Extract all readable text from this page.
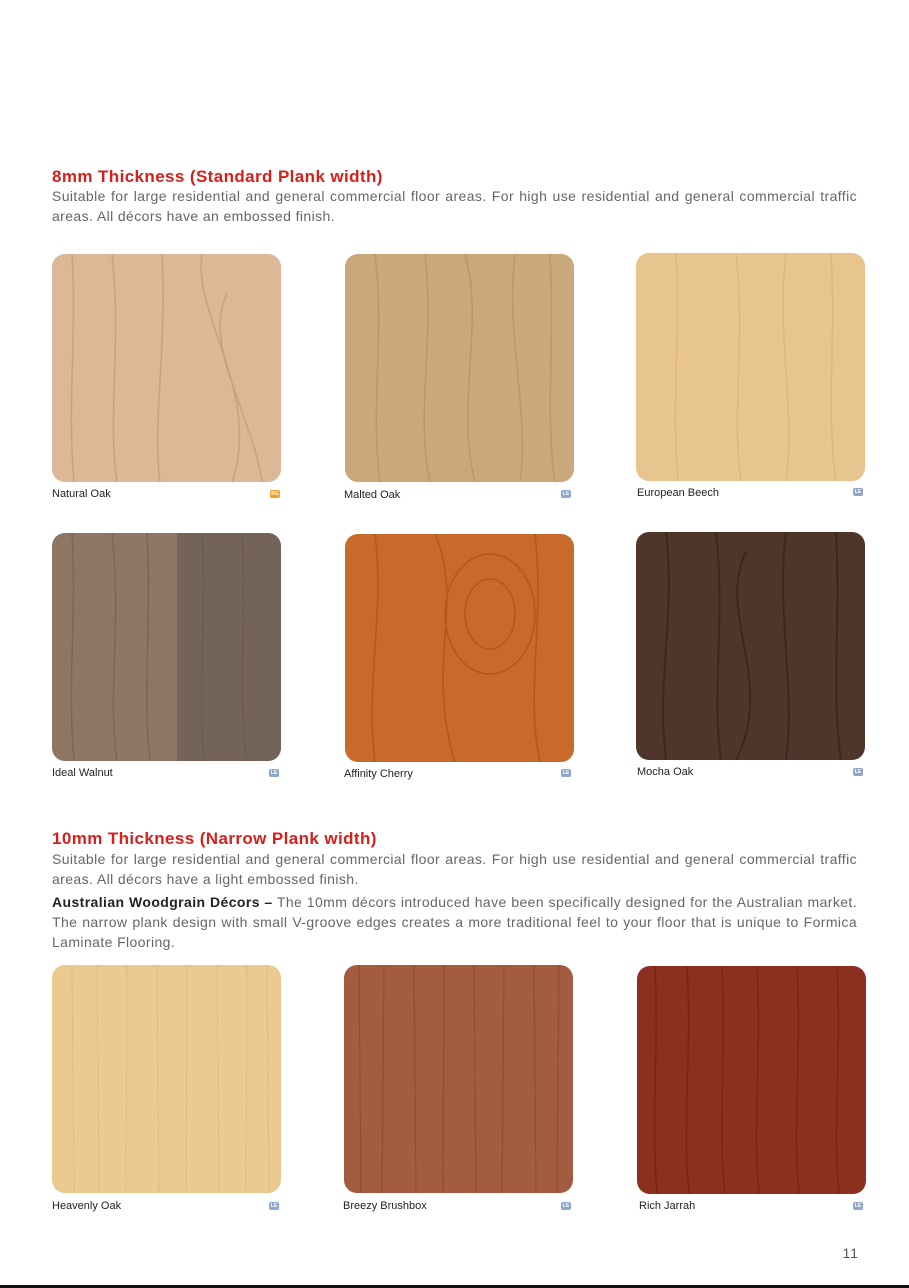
8mm Thickness (Standard Plank width)

Suitable for large residential and general commercial floor areas. For high use residential and general commercial traffic areas. All décors have an embossed finish.

Natural Oak	RG	Malted Oak	LE	European Beech	LE
Ideal Walnut	LE	Affinity Cherry	LE	Mocha Oak	LE
10mm Thickness (Narrow Plank width)

Suitable for large residential and general commercial floor areas. For high use residential and general commercial traffic areas. All décors have a light embossed finish.

Australian Woodgrain Décors – The 10mm décors introduced have been specifically designed for the Australian market. The narrow plank design with small V-groove edges creates a more traditional feel to your floor that is unique to Formica Laminate Flooring.

Heavenly Oak	LE	Breezy Brushbox	LE	Rich Jarrah	LE
11
